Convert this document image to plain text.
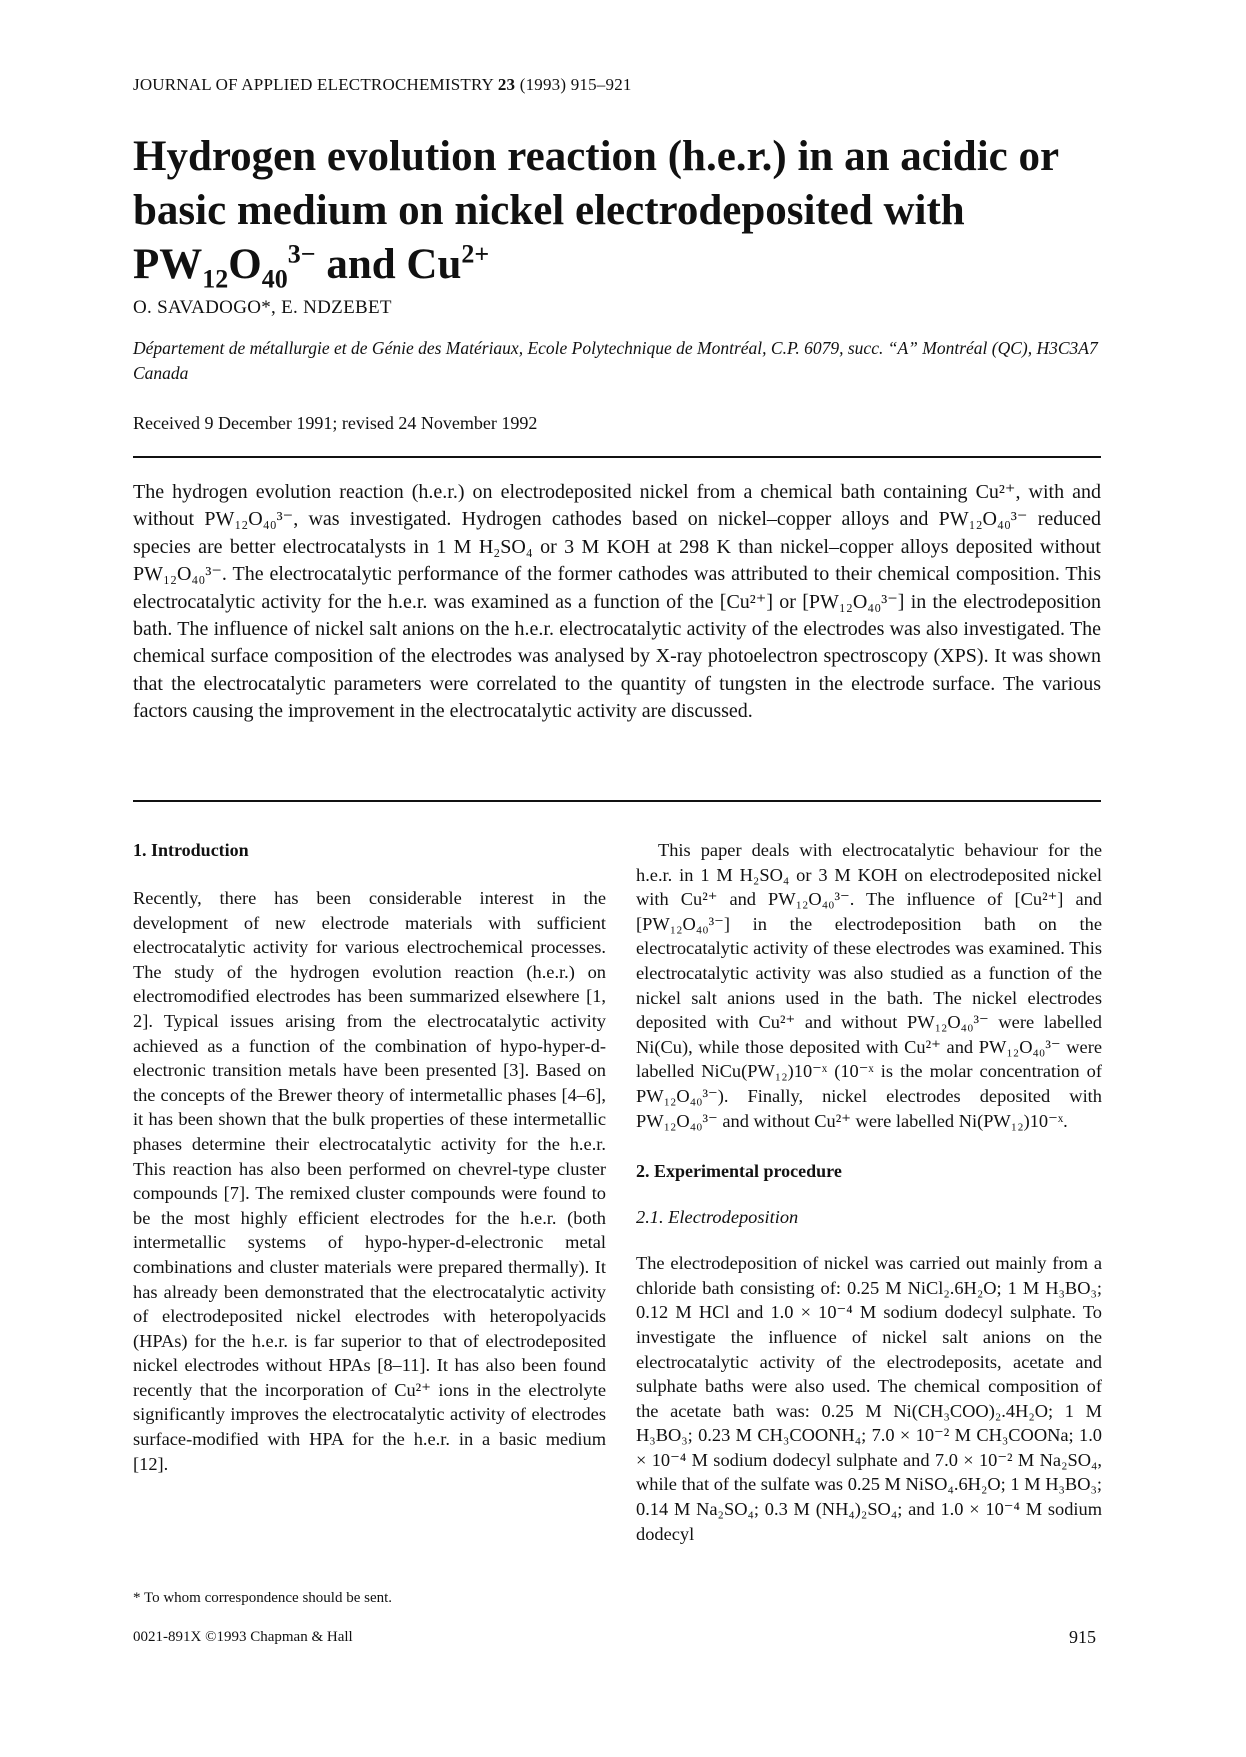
JOURNAL OF APPLIED ELECTROCHEMISTRY 23 (1993) 915–921
Hydrogen evolution reaction (h.e.r.) in an acidic or basic medium on nickel electrodeposited with $PW_{12}O_{40}^{3-}$ and $Cu^{2+}$
O. SAVADOGO*, E. NDZEBET
Département de métallurgie et de Génie des Matériaux, Ecole Polytechnique de Montréal, C.P. 6079, succ. “A” Montréal (QC), H3C3A7 Canada
Received 9 December 1991; revised 24 November 1992
The hydrogen evolution reaction (h.e.r.) on electrodeposited nickel from a chemical bath containing Cu²⁺, with and without PW₁₂O₄₀³⁻, was investigated. Hydrogen cathodes based on nickel–copper alloys and PW₁₂O₄₀³⁻ reduced species are better electrocatalysts in 1 M H₂SO₄ or 3 M KOH at 298 K than nickel–copper alloys deposited without PW₁₂O₄₀³⁻. The electrocatalytic performance of the former cathodes was attributed to their chemical composition. This electrocatalytic activity for the h.e.r. was examined as a function of the [Cu²⁺] or [PW₁₂O₄₀³⁻] in the electrodeposition bath. The influence of nickel salt anions on the h.e.r. electrocatalytic activity of the electrodes was also investigated. The chemical surface composition of the electrodes was analysed by X-ray photoelectron spectroscopy (XPS). It was shown that the electrocatalytic parameters were correlated to the quantity of tungsten in the electrode surface. The various factors causing the improvement in the electrocatalytic activity are discussed.
1. Introduction

Recently, there has been considerable interest in the development of new electrode materials with sufficient electrocatalytic activity for various electrochemical processes. The study of the hydrogen evolution reaction (h.e.r.) on electromodified electrodes has been summarized elsewhere [1, 2]. Typical issues arising from the electrocatalytic activity achieved as a function of the combination of hypo-hyper-d-electronic transition metals have been presented [3]. Based on the concepts of the Brewer theory of intermetallic phases [4–6], it has been shown that the bulk properties of these intermetallic phases determine their electrocatalytic activity for the h.e.r. This reaction has also been performed on chevrel-type cluster compounds [7]. The remixed cluster compounds were found to be the most highly efficient electrodes for the h.e.r. (both intermetallic systems of hypo-hyper-d-electronic metal combinations and cluster materials were prepared thermally). It has already been demonstrated that the electrocatalytic activity of electrodeposited nickel electrodes with heteropolyacids (HPAs) for the h.e.r. is far superior to that of electrodeposited nickel electrodes without HPAs [8–11]. It has also been found recently that the incorporation of Cu²⁺ ions in the electrolyte significantly improves the electrocatalytic activity of electrodes surface-modified with HPA for the h.e.r. in a basic medium [12].

This paper deals with electrocatalytic behaviour for the h.e.r. in 1 M H₂SO₄ or 3 M KOH on electrodeposited nickel with Cu²⁺ and PW₁₂O₄₀³⁻. The influence of [Cu²⁺] and [PW₁₂O₄₀³⁻] in the electrodeposition bath on the electrocatalytic activity of these electrodes was examined. This electrocatalytic activity was also studied as a function of the nickel salt anions used in the bath. The nickel electrodes deposited with Cu²⁺ and without PW₁₂O₄₀³⁻ were labelled Ni(Cu), while those deposited with Cu²⁺ and PW₁₂O₄₀³⁻ were labelled NiCu(PW₁₂)10⁻ˣ (10⁻ˣ is the molar concentration of PW₁₂O₄₀³⁻). Finally, nickel electrodes deposited with PW₁₂O₄₀³⁻ and without Cu²⁺ were labelled Ni(PW₁₂)10⁻ˣ.

2. Experimental procedure
2.1. Electrodeposition

The electrodeposition of nickel was carried out mainly from a chloride bath consisting of: 0.25 M NiCl₂.6H₂O; 1 M H₃BO₃; 0.12 M HCl and 1.0 × 10⁻⁴ M sodium dodecyl sulphate. To investigate the influence of nickel salt anions on the electrocatalytic activity of the electrodeposits, acetate and sulphate baths were also used. The chemical composition of the acetate bath was: 0.25 M Ni(CH₃COO)₂.4H₂O; 1 M H₃BO₃; 0.23 M CH₃COONH₄; 7.0 × 10⁻² M CH₃COONa; 1.0 × 10⁻⁴ M sodium dodecyl sulphate and 7.0 × 10⁻² M Na₂SO₄, while that of the sulfate was 0.25 M NiSO₄.6H₂O; 1 M H₃BO₃; 0.14 M Na₂SO₄; 0.3 M (NH₄)₂SO₄; and 1.0 × 10⁻⁴ M sodium dodecyl

* To whom correspondence should be sent.
0021-891X ©1993 Chapman & Hall	915
